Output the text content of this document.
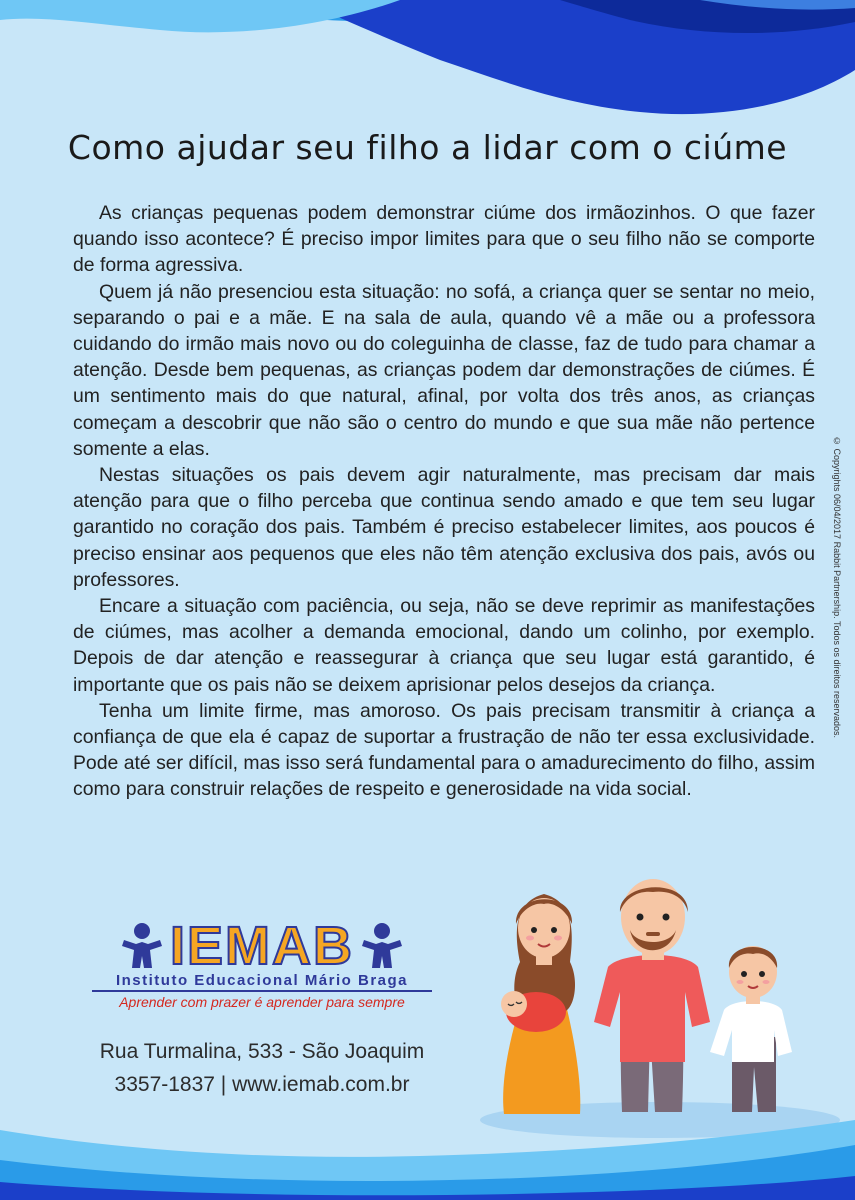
Como ajudar seu filho a lidar com o ciúme

As crianças pequenas podem demonstrar ciúme dos irmãozinhos. O que fazer quando isso acontece? É preciso impor limites para que o seu filho não se comporte de forma agressiva.

Quem já não presenciou esta situação: no sofá, a criança quer se sentar no meio, separando o pai e a mãe. E na sala de aula, quando vê a mãe ou a professora cuidando do irmão mais novo ou do coleguinha de classe, faz de tudo para chamar a atenção. Desde bem pequenas, as crianças podem dar demonstrações de ciúmes. É um sentimento mais do que natural, afinal, por volta dos três anos, as crianças começam a descobrir que não são o centro do mundo e que sua mãe não pertence somente a elas.

Nestas situações os pais devem agir naturalmente, mas precisam dar mais atenção para que o filho perceba que continua sendo amado e que tem seu lugar garantido no coração dos pais. Também é preciso estabelecer limites, aos poucos é preciso ensinar aos pequenos que eles não têm atenção exclusiva dos pais, avós ou professores.

Encare a situação com paciência, ou seja, não se deve reprimir as manifestações de ciúmes, mas acolher a demanda emocional, dando um colinho, por exemplo. Depois de dar atenção e reassegurar à criança que seu lugar está garantido, é importante que os pais não se deixem aprisionar pelos desejos da criança.

Tenha um limite firme, mas amoroso. Os pais precisam transmitir à criança a confiança de que ela é capaz de suportar a frustração de não ter essa exclusividade. Pode até ser difícil, mas isso será fundamental para o amadurecimento do filho, assim como para construir relações de respeito e generosidade na vida social.

© Copyrights 06/04/2017 Rabbit Partnership. Todos os direitos reservados.
IEMAB
Instituto Educacional Mário Braga
Aprender com prazer é aprender para sempre
Rua Turmalina, 533 - São Joaquim
3357-1837 | www.iemab.com.br
